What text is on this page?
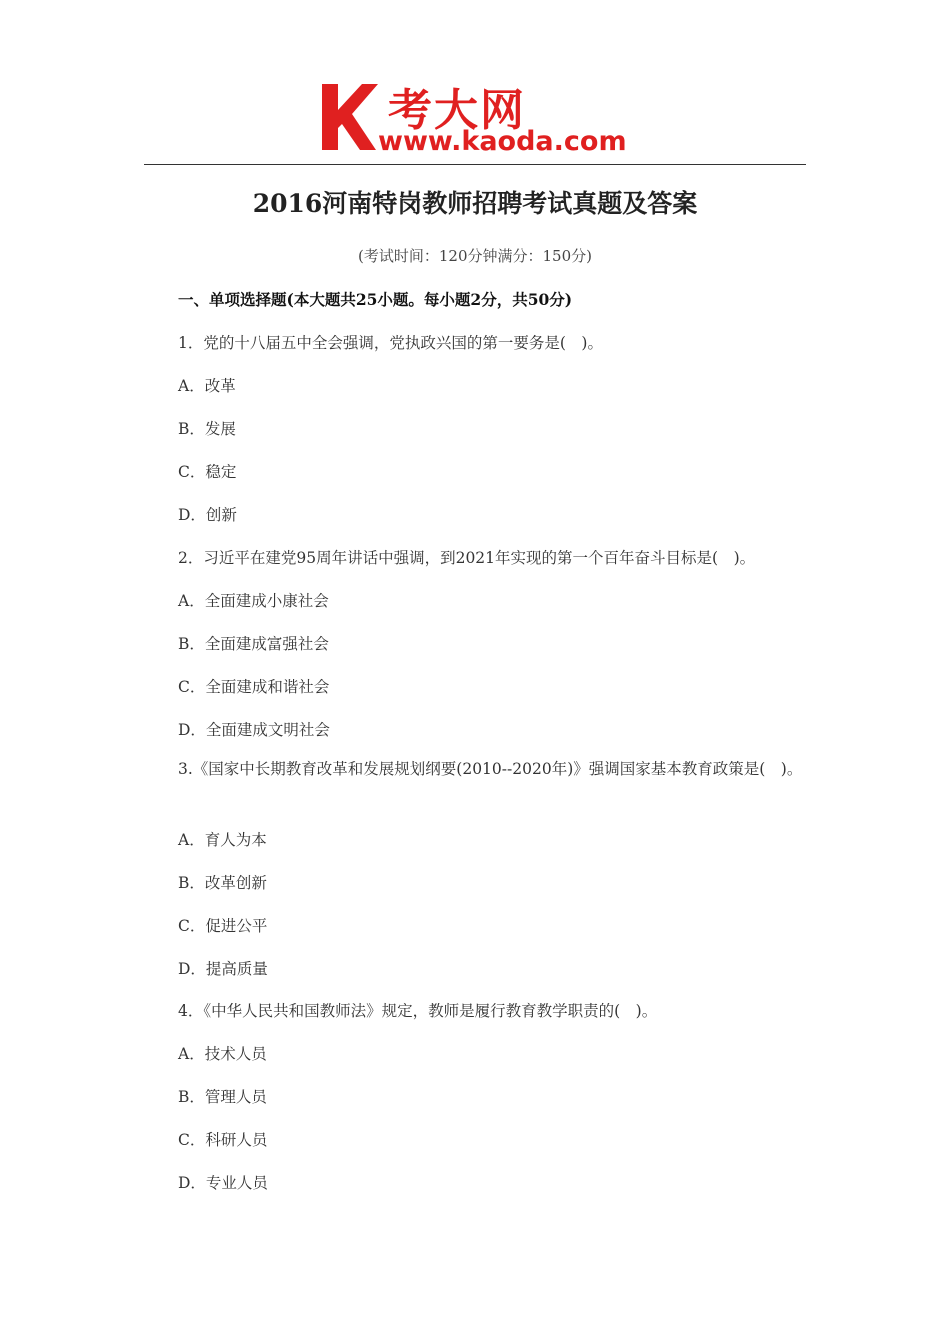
考大网
www.kaoda.com
2016河南特岗教师招聘考试真题及答案
(考试时间：120分钟满分：150分)
一、单项选择题(本大题共25小题。每小题2分，共50分)
1．党的十八届五中全会强调，党执政兴国的第一要务是(　)。
A．改革
B．发展
C．稳定
D．创新
2．习近平在建党95周年讲话中强调，到2021年实现的第一个百年奋斗目标是(　)。
A．全面建成小康社会
B．全面建成富强社会
C．全面建成和谐社会
D．全面建成文明社会
3.《国家中长期教育改革和发展规划纲要(2010--2020年)》强调国家基本教育政策是(　)。
A．育人为本
B．改革创新
C．促进公平
D．提高质量
4．《中华人民共和国教师法》规定，教师是履行教育教学职责的(　)。
A．技术人员
B．管理人员
C．科研人员
D．专业人员
